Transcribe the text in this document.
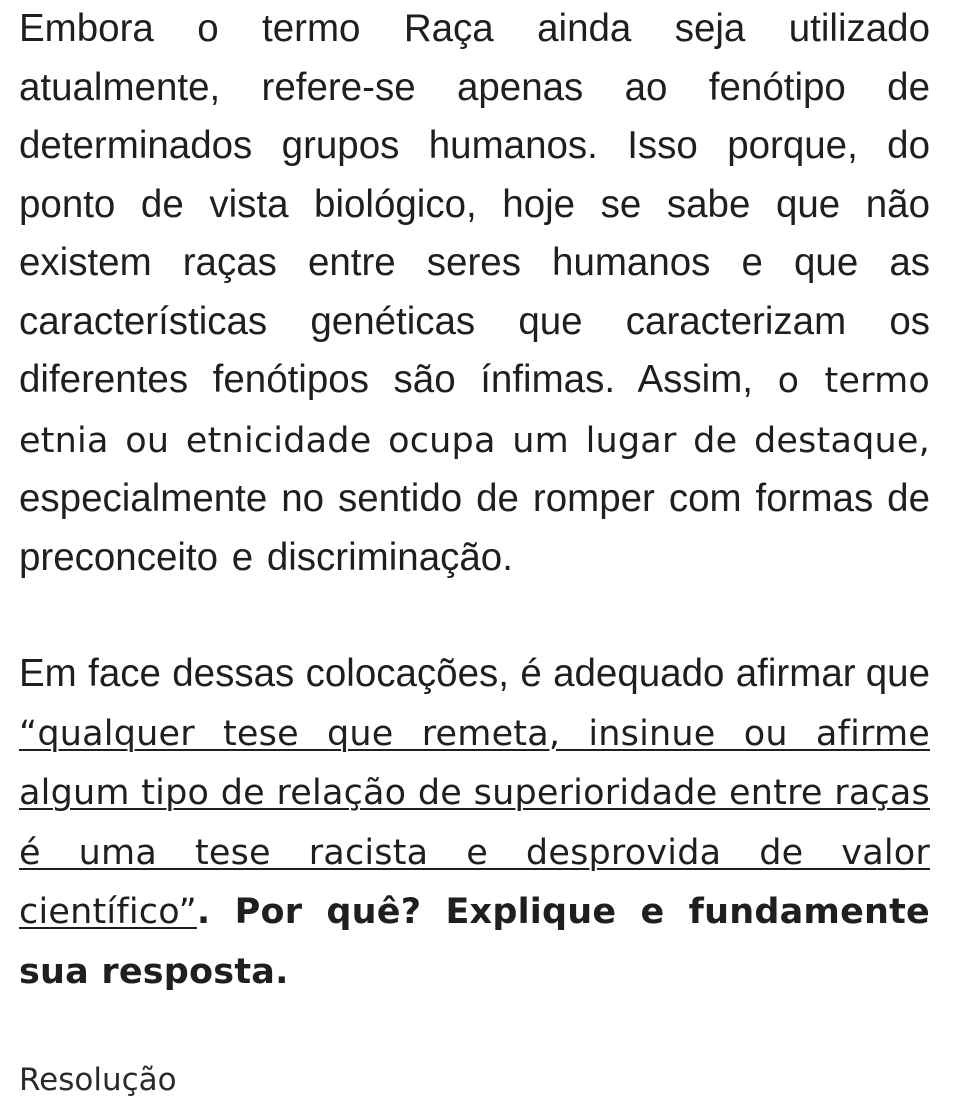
Embora o termo Raça ainda seja utilizado atualmente, refere-se apenas ao fenótipo de determinados grupos humanos. Isso porque, do ponto de vista biológico, hoje se sabe que não existem raças entre seres humanos e que as características genéticas que caracterizam os diferentes fenótipos são ínfimas. Assim, o termo etnia ou etnicidade ocupa um lugar de destaque, especialmente no sentido de romper com formas de preconceito e discriminação.

Em face dessas colocações, é adequado afirmar que “qualquer tese que remeta, insinue ou afirme algum tipo de relação de superioridade entre raças é uma tese racista e desprovida de valor científico”. Por quê? Explique e fundamente sua resposta.

Resolução
